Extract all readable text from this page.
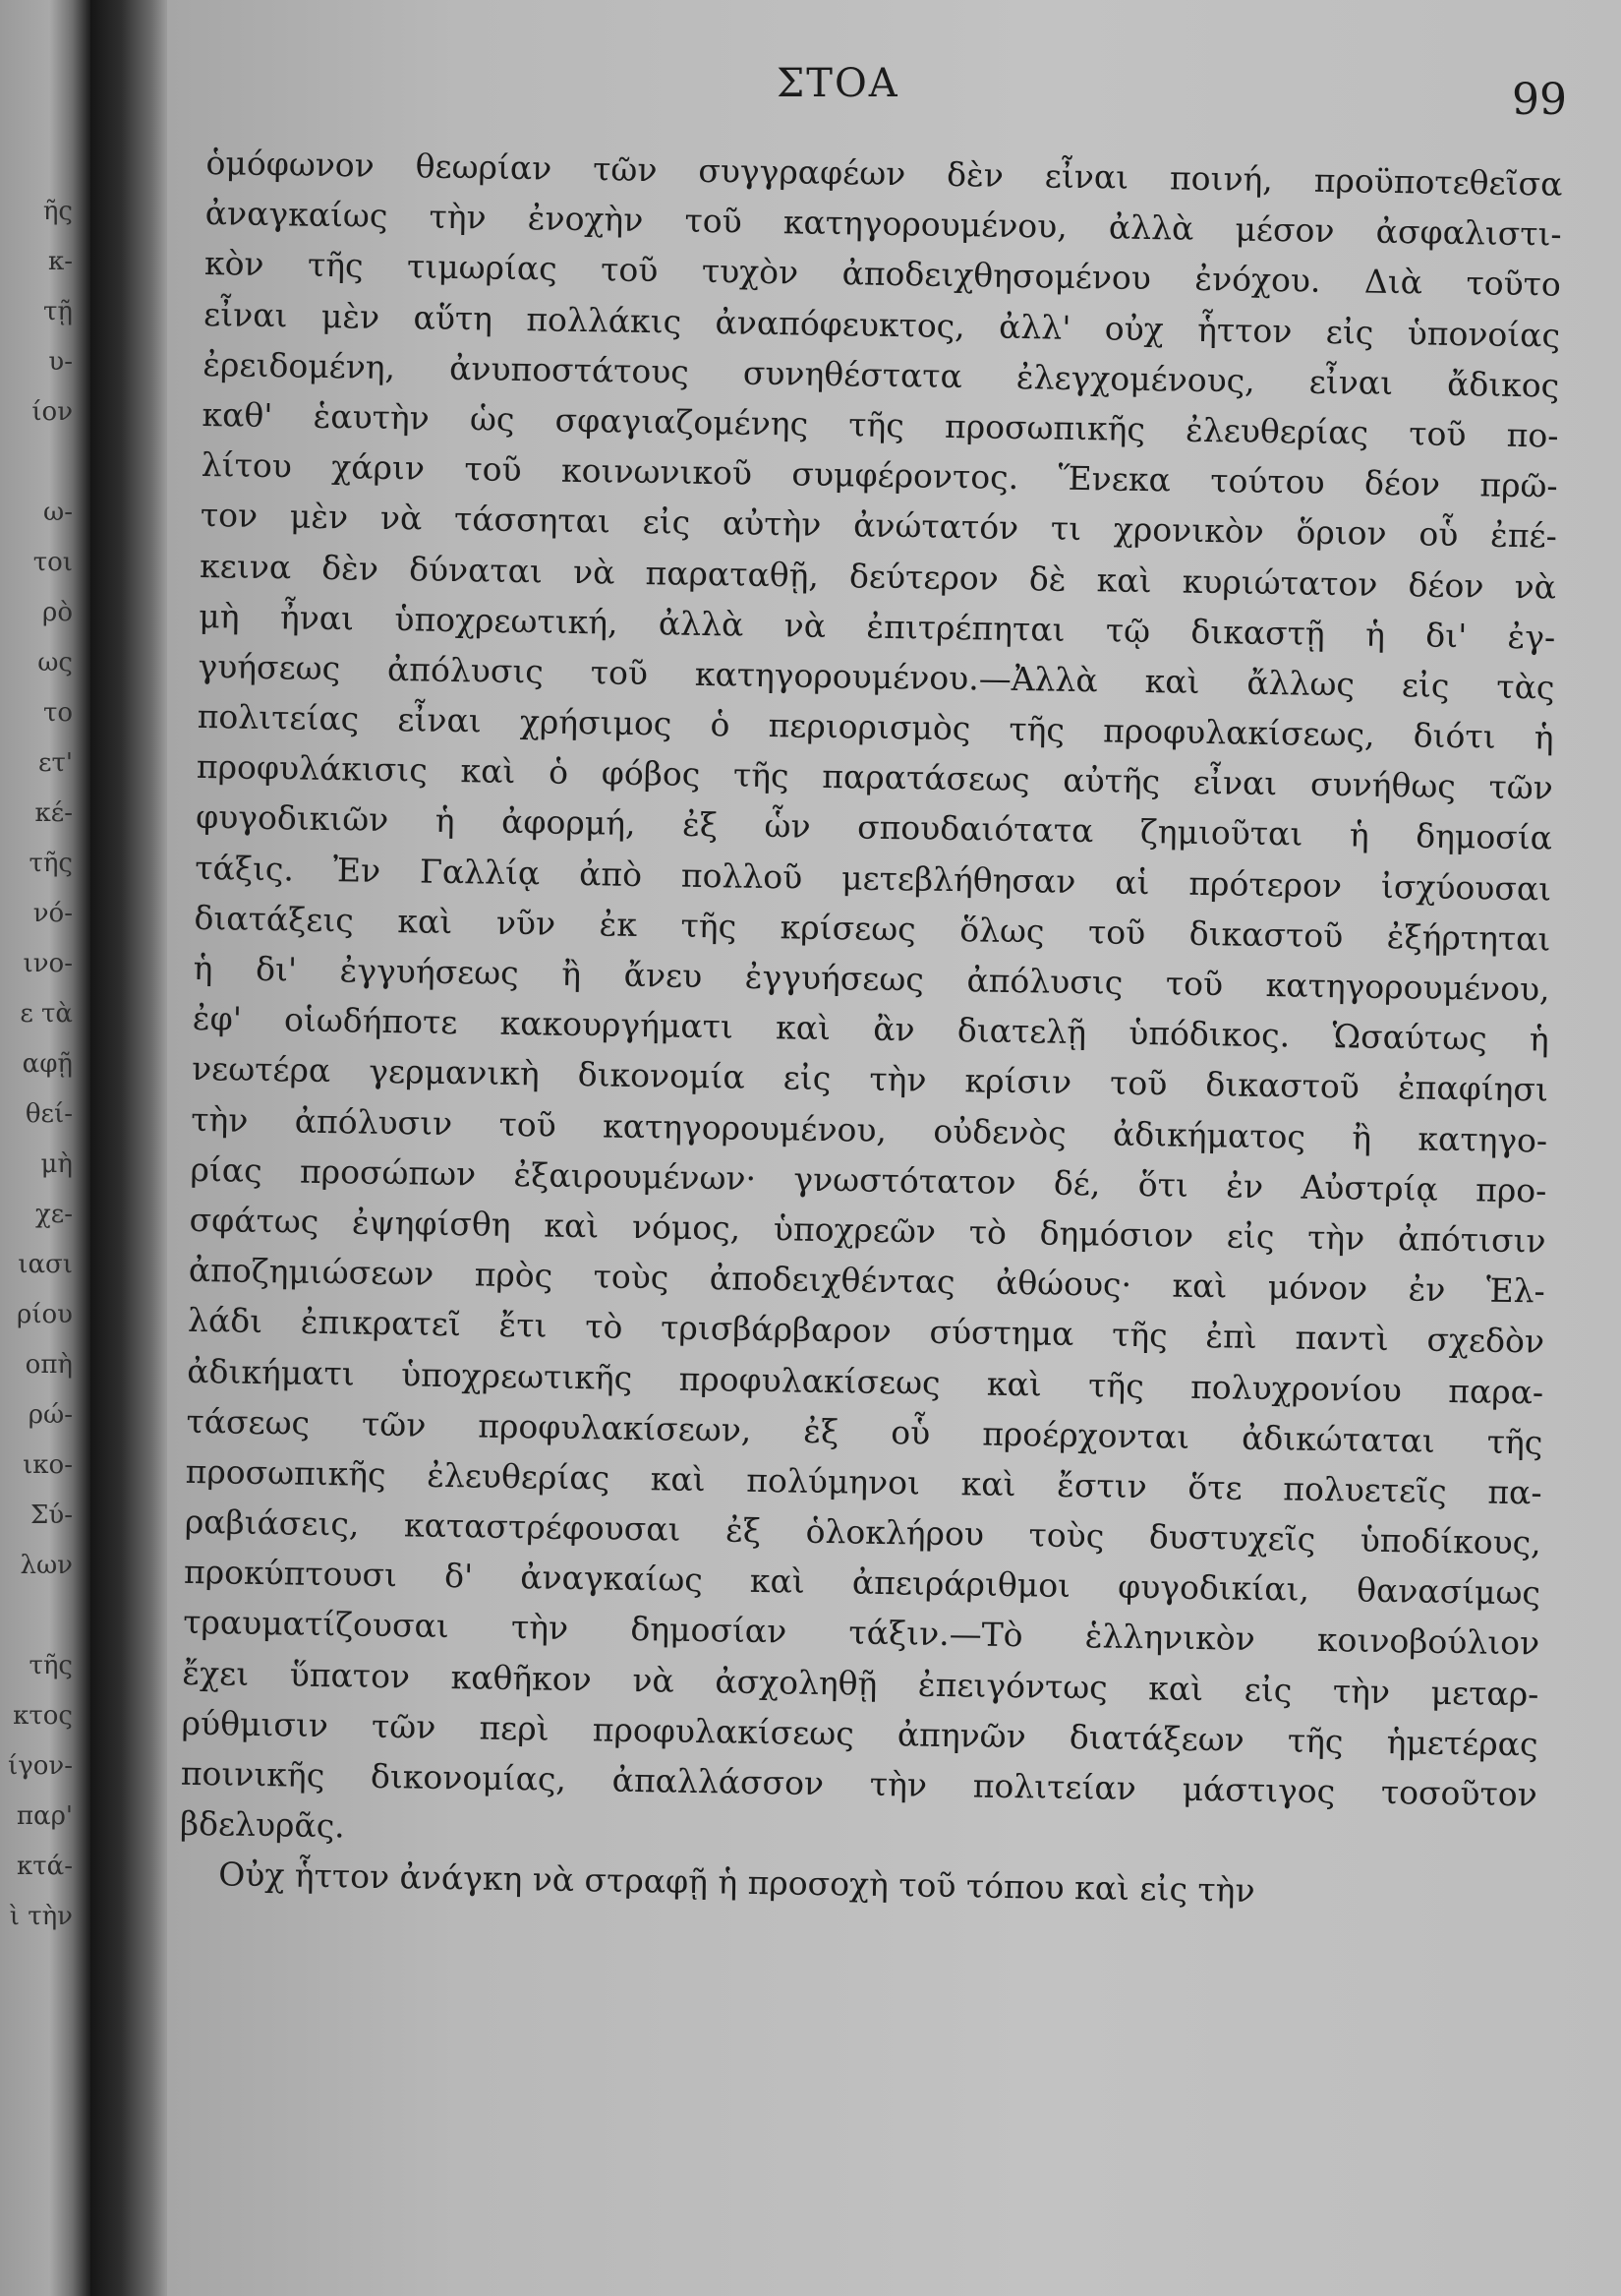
ῆς
κ-
τῇ
υ-
ίον
ω-
τοι
ρὸ
ως
το
ετ'
κέ-
τῆς
νό-
ινο-
ε τὰ
αφῇ
θεί-
μὴ
χε-
ιασι
ρίου
οπὴ
ρώ-
ικο-
Σύ-
λων
τῆς
κτος
ίγον-
παρ'
κτά-
ὶ τὴν
ΣΤΟΑ	99
ὁμόφωνον θεωρίαν τῶν συγγραφέων δὲν εἶναι ποινή, προϋποτεθεῖσα
ἀναγκαίως τὴν ἐνοχὴν τοῦ κατηγορουμένου, ἀλλὰ μέσον ἀσφαλιστι-
κὸν τῆς τιμωρίας τοῦ τυχὸν ἀποδειχθησομένου ἐνόχου. Διὰ τοῦτο
εἶναι μὲν αὕτη πολλάκις ἀναπόφευκτος, ἀλλ' οὐχ ἧττον εἰς ὑπονοίας
ἐρειδομένη, ἀνυποστάτους συνηθέστατα ἐλεγχομένους, εἶναι ἄδικος
καθ' ἑαυτὴν ὡς σφαγιαζομένης τῆς προσωπικῆς ἐλευθερίας τοῦ πο-
λίτου χάριν τοῦ κοινωνικοῦ συμφέροντος. Ἕνεκα τούτου δέον πρῶ-
τον μὲν νὰ τάσσηται εἰς αὐτὴν ἀνώτατόν τι χρονικὸν ὅριον οὗ ἐπέ-
κεινα δὲν δύναται νὰ παραταθῇ, δεύτερον δὲ καὶ κυριώτατον δέον νὰ
μὴ ἦναι ὑποχρεωτική, ἀλλὰ νὰ ἐπιτρέπηται τῷ δικαστῇ ἡ δι' ἐγ-
γυήσεως ἀπόλυσις τοῦ κατηγορουμένου.—Ἀλλὰ καὶ ἄλλως εἰς τὰς
πολιτείας εἶναι χρήσιμος ὁ περιορισμὸς τῆς προφυλακίσεως, διότι ἡ
προφυλάκισις καὶ ὁ φόβος τῆς παρατάσεως αὐτῆς εἶναι συνήθως τῶν
φυγοδικιῶν ἡ ἀφορμή, ἐξ ὧν σπουδαιότατα ζημιοῦται ἡ δημοσία
τάξις. Ἐν Γαλλίᾳ ἀπὸ πολλοῦ μετεβλήθησαν αἱ πρότερον ἰσχύουσαι
διατάξεις καὶ νῦν ἐκ τῆς κρίσεως ὅλως τοῦ δικαστοῦ ἐξήρτηται
ἡ δι' ἐγγυήσεως ἢ ἄνευ ἐγγυήσεως ἀπόλυσις τοῦ κατηγορουμένου,
ἐφ' οἱωδήποτε κακουργήματι καὶ ἂν διατελῇ ὑπόδικος. Ὡσαύτως ἡ
νεωτέρα γερμανικὴ δικονομία εἰς τὴν κρίσιν τοῦ δικαστοῦ ἐπαφίησι
τὴν ἀπόλυσιν τοῦ κατηγορουμένου, οὐδενὸς ἀδικήματος ἢ κατηγο-
ρίας προσώπων ἐξαιρουμένων· γνωστότατον δέ, ὅτι ἐν Αὐστρίᾳ προ-
σφάτως ἐψηφίσθη καὶ νόμος, ὑποχρεῶν τὸ δημόσιον εἰς τὴν ἀπότισιν
ἀποζημιώσεων πρὸς τοὺς ἀποδειχθέντας ἀθώους· καὶ μόνον ἐν Ἑλ-
λάδι ἐπικρατεῖ ἔτι τὸ τρισβάρβαρον σύστημα τῆς ἐπὶ παντὶ σχεδὸν
ἀδικήματι ὑποχρεωτικῆς προφυλακίσεως καὶ τῆς πολυχρονίου παρα-
τάσεως τῶν προφυλακίσεων, ἐξ οὗ προέρχονται ἀδικώταται τῆς
προσωπικῆς ἐλευθερίας καὶ πολύμηνοι καὶ ἔστιν ὅτε πολυετεῖς πα-
ραβιάσεις, καταστρέφουσαι ἐξ ὁλοκλήρου τοὺς δυστυχεῖς ὑποδίκους,
προκύπτουσι δ' ἀναγκαίως καὶ ἀπειράριθμοι φυγοδικίαι, θανασίμως
τραυματίζουσαι τὴν δημοσίαν τάξιν.—Τὸ ἑλληνικὸν κοινοβούλιον
ἔχει ὕπατον καθῆκον νὰ ἀσχοληθῇ ἐπειγόντως καὶ εἰς τὴν μεταρ-
ρύθμισιν τῶν περὶ προφυλακίσεως ἀπηνῶν διατάξεων τῆς ἡμετέρας
ποινικῆς δικονομίας, ἀπαλλάσσον τὴν πολιτείαν μάστιγος τοσοῦτον
βδελυρᾶς.
Οὐχ ἧττον ἀνάγκη νὰ στραφῇ ἡ προσοχὴ τοῦ τόπου καὶ εἰς τὴν
